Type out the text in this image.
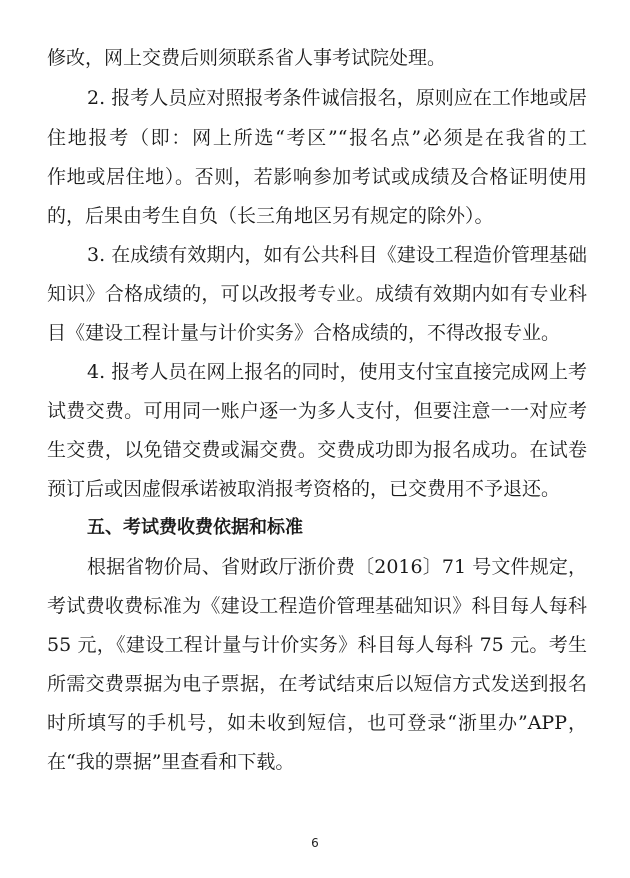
修改，网上交费后则须联系省人事考试院处理。
2. 报考人员应对照报考条件诚信报名，原则应在工作地或居
住地报考（即：网上所选“考区”“报名点”必须是在我省的工
作地或居住地）。否则，若影响参加考试或成绩及合格证明使用
的，后果由考生自负（长三角地区另有规定的除外）。
3. 在成绩有效期内，如有公共科目《建设工程造价管理基础
知识》合格成绩的，可以改报考专业。成绩有效期内如有专业科
目《建设工程计量与计价实务》合格成绩的，不得改报专业。
4. 报考人员在网上报名的同时，使用支付宝直接完成网上考
试费交费。可用同一账户逐一为多人支付，但要注意一一对应考
生交费，以免错交费或漏交费。交费成功即为报名成功。在试卷
预订后或因虚假承诺被取消报考资格的，已交费用不予退还。
五、考试费收费依据和标准
根据省物价局、省财政厅浙价费〔2016〕71 号文件规定，
考试费收费标准为《建设工程造价管理基础知识》科目每人每科
55 元，《建设工程计量与计价实务》科目每人每科 75 元。考生
所需交费票据为电子票据，在考试结束后以短信方式发送到报名
时所填写的手机号，如未收到短信，也可登录“浙里办”APP，
在“我的票据”里查看和下载。
6
